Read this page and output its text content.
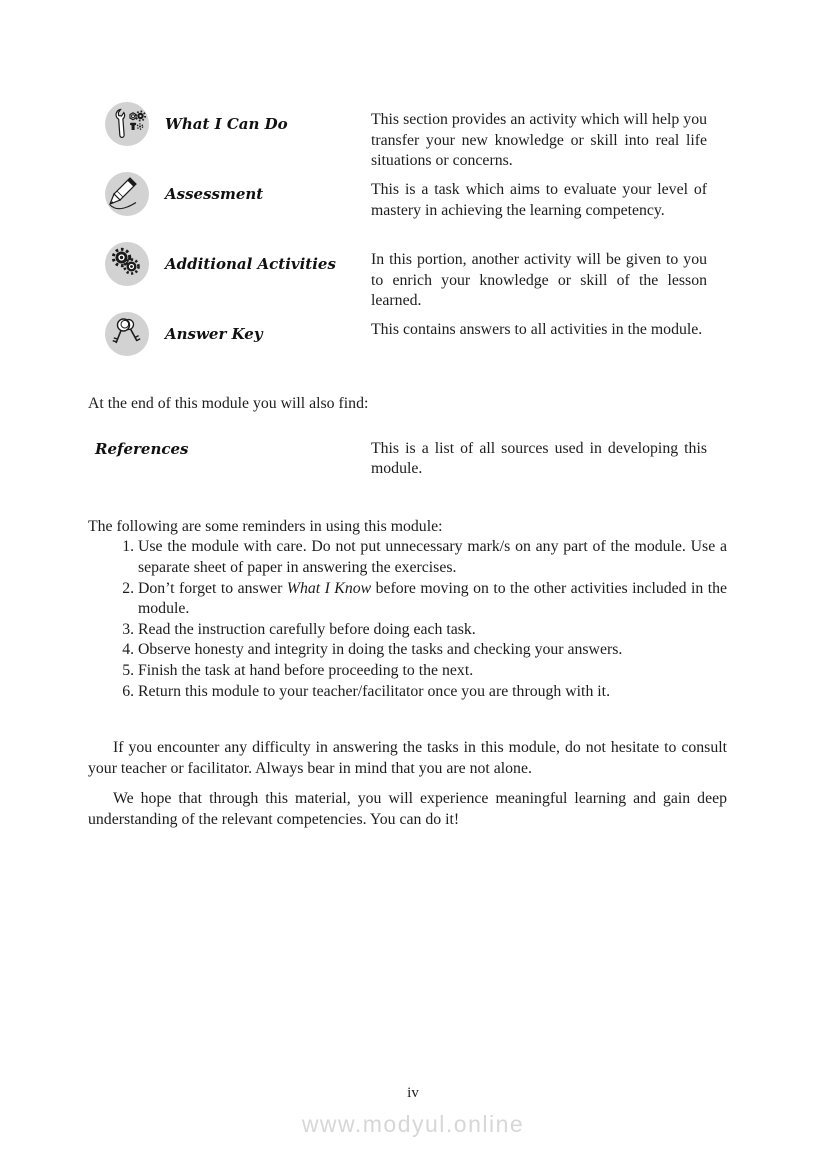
What I Can Do	This section provides an activity which will help you transfer your new knowledge or skill into real life situations or concerns.

Assessment	This is a task which aims to evaluate your level of mastery in achieving the learning competency.

Additional Activities	In this portion, another activity will be given to you to enrich your knowledge or skill of the lesson learned.

Answer Key	This contains answers to all activities in the module.

At the end of this module you will also find:

References	This is a list of all sources used in developing this module.

The following are some reminders in using this module:

1. Use the module with care. Do not put unnecessary mark/s on any part of the module. Use a separate sheet of paper in answering the exercises.
2. Don’t forget to answer What I Know before moving on to the other activities included in the module.
3. Read the instruction carefully before doing each task.
4. Observe honesty and integrity in doing the tasks and checking your answers.
5. Finish the task at hand before proceeding to the next.
6. Return this module to your teacher/facilitator once you are through with it.

If you encounter any difficulty in answering the tasks in this module, do not hesitate to consult your teacher or facilitator. Always bear in mind that you are not alone.

We hope that through this material, you will experience meaningful learning and gain deep understanding of the relevant competencies. You can do it!

iv
www.modyul.online
